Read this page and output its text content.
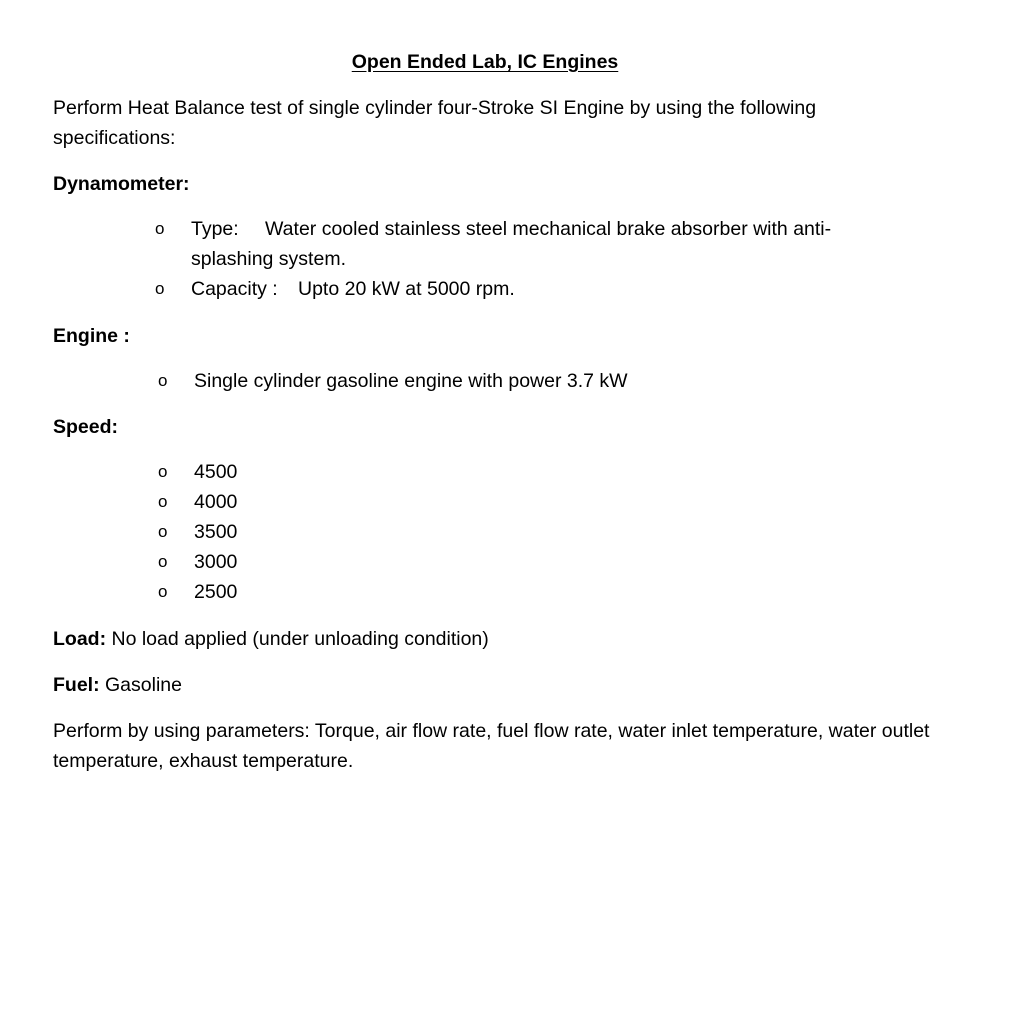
Open Ended Lab, IC Engines
Perform Heat Balance test of single cylinder four-Stroke SI Engine by using the following specifications:
Dynamometer:
o	Type: Water cooled stainless steel mechanical brake absorber with anti-splashing system.
o	Capacity : Upto 20 kW at 5000 rpm.
Engine :
o	Single cylinder gasoline engine with power 3.7 kW
Speed:
o	4500
o	4000
o	3500
o	3000
o	2500
Load: No load applied (under unloading condition)
Fuel: Gasoline
Perform by using parameters: Torque, air flow rate, fuel flow rate, water inlet temperature, water outlet temperature, exhaust temperature.
